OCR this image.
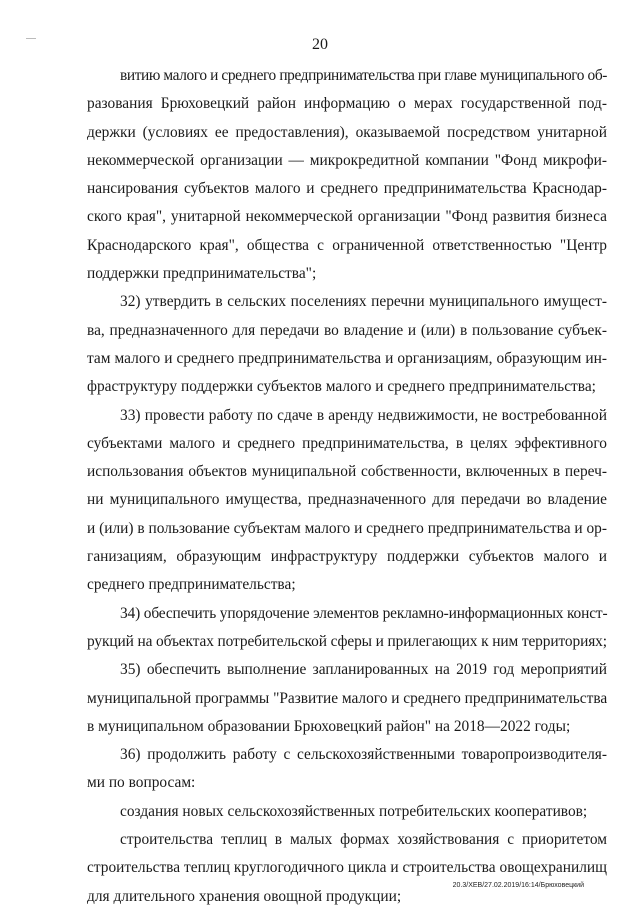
20
витию малого и среднего предпринимательства при главе муниципального об-
разования Брюховецкий район информацию о мерах государственной под-
держки (условиях ее предоставления), оказываемой посредством унитарной
некоммерческой организации — микрокредитной компании "Фонд микрофи-
нансирования субъектов малого и среднего предпринимательства Краснодар-
ского края", унитарной некоммерческой организации "Фонд развития бизнеса
Краснодарского края", общества с ограниченной ответственностью "Центр
поддержки предпринимательства";
32) утвердить в сельских поселениях перечни муниципального имущест-
ва, предназначенного для передачи во владение и (или) в пользование субъек-
там малого и среднего предпринимательства и организациям, образующим ин-
фраструктуру поддержки субъектов малого и среднего предпринимательства;
33) провести работу по сдаче в аренду недвижимости, не востребованной
субъектами малого и среднего предпринимательства, в целях эффективного
использования объектов муниципальной собственности, включенных в переч-
ни муниципального имущества, предназначенного для передачи во владение
и (или) в пользование субъектам малого и среднего предпринимательства и ор-
ганизациям, образующим инфраструктуру поддержки субъектов малого и
среднего предпринимательства;
34) обеспечить упорядочение элементов рекламно-информационных конст-
рукций на объектах потребительской сферы и прилегающих к ним территориях;
35) обеспечить выполнение запланированных на 2019 год мероприятий
муниципальной программы "Развитие малого и среднего предпринимательства
в муниципальном образовании Брюховецкий район" на 2018—2022 годы;
36) продолжить работу с сельскохозяйственными товаропроизводителя-
ми по вопросам:
создания новых сельскохозяйственных потребительских кооперативов;
строительства теплиц в малых формах хозяйствования с приоритетом
строительства теплиц круглогодичного цикла и строительства овощехранилищ
для длительного хранения овощной продукции;
20.3/XEB/27.02.2019/16:14/Брюховецкий
